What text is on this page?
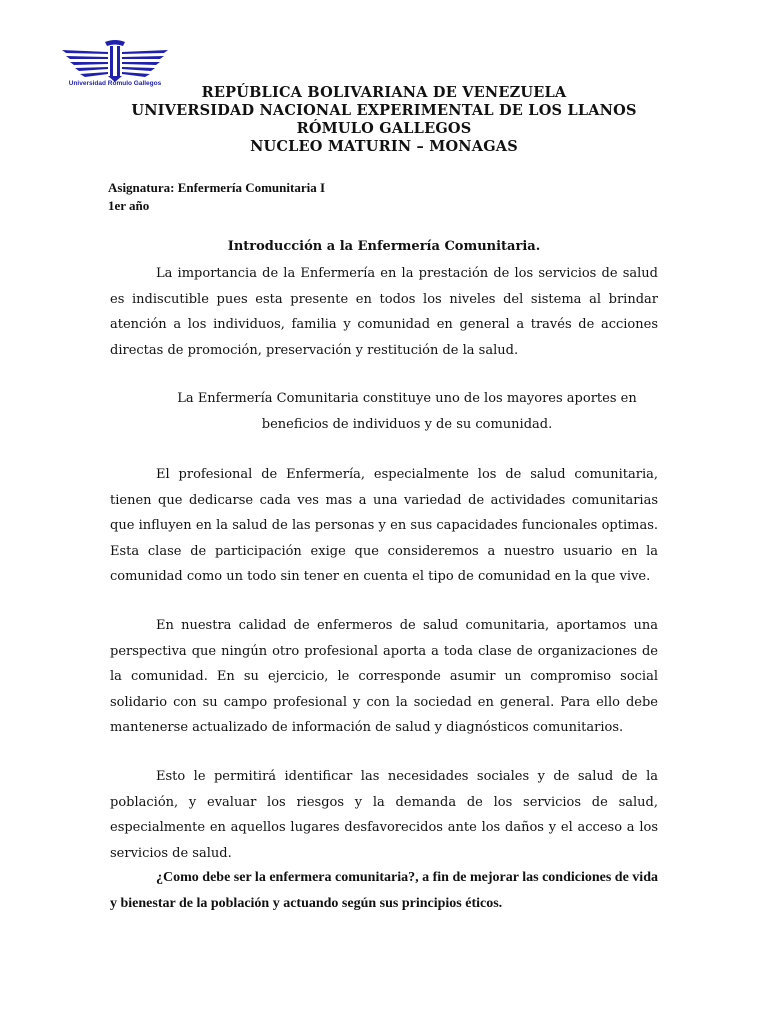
Universidad Rómulo Gallegos
REPÚBLICA BOLIVARIANA DE VENEZUELA
UNIVERSIDAD NACIONAL EXPERIMENTAL DE LOS LLANOS
RÓMULO GALLEGOS
NUCLEO MATURIN – MONAGAS
Asignatura: Enfermería Comunitaria I
1er año
Introducción a la Enfermería Comunitaria.
La importancia de la Enfermería en la prestación de los servicios de salud es indiscutible pues esta presente en todos los niveles del sistema al brindar atención a los individuos, familia y comunidad en general a través de acciones directas de promoción, preservación y restitución de la salud.
La Enfermería Comunitaria constituye uno de los mayores aportes en beneficios de individuos y de su comunidad.
El profesional de Enfermería, especialmente los de salud comunitaria, tienen que dedicarse cada ves mas a una variedad de actividades comunitarias que influyen en la salud de las personas y en sus capacidades funcionales optimas. Esta clase de participación exige que consideremos a nuestro usuario en la comunidad como un todo sin tener en cuenta el tipo de comunidad en la que vive.
En nuestra calidad de enfermeros de salud comunitaria, aportamos una perspectiva que ningún otro profesional aporta a toda clase de organizaciones de la comunidad. En su ejercicio, le corresponde asumir un compromiso social solidario con su campo profesional y con la sociedad en general. Para ello debe mantenerse actualizado de información de salud y diagnósticos comunitarios.
Esto le permitirá identificar las necesidades sociales y de salud de la población, y evaluar los riesgos y la demanda de los servicios de salud, especialmente en aquellos lugares desfavorecidos ante los daños y el acceso a los servicios de salud.
¿Como debe ser la enfermera comunitaria?, a fin de mejorar las condiciones de vida y bienestar de la población y actuando según sus principios éticos.
